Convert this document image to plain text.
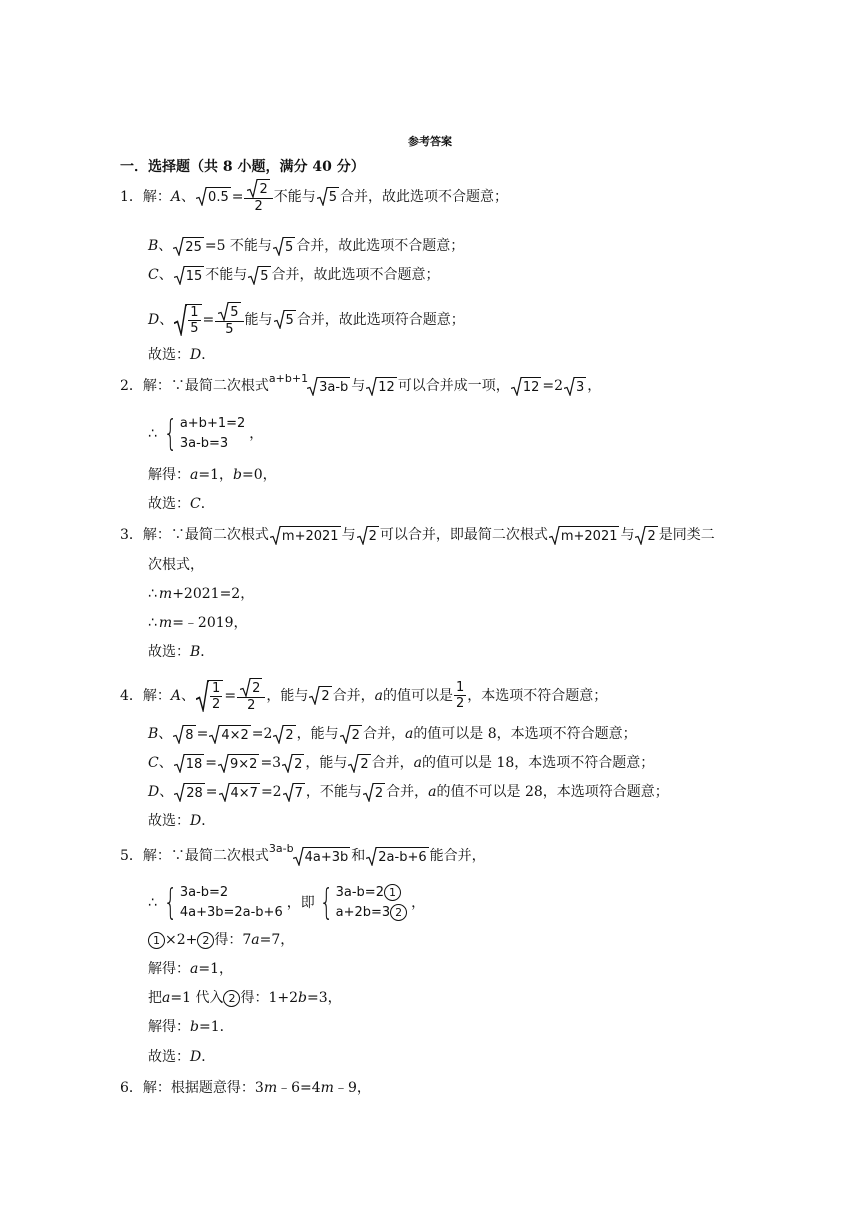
参考答案
一．选择题（共 8 小题，满分 40 分）
1． 解： A 、 $0.5 = \frac{2}{2}$ 不能与 5 合并，故此选项不合题意；
B 、 25 =5 不能与 5 合并，故此选项不合题意；
C 、 15 不能与 5 合并，故此选项不合题意；
D 、 $\frac{1}{5} = \frac{5}{5}$ 能与 5 合并，故此选项符合题意；
故选： D ．
2． 解：∵最简二次根式 a+b+1
3a-b 与 12 可以合并成一项， 12 =2 3 ，
∴ { a+b+1=2
3a-b=3
，
解得： a =1， b =0，
故选： C ．
3． 解：∵最简二次根式 m+2021 与 2 可以合并，即最简二次根式 m+2021 与 2 是同类二
次根式，
∴ m +2021=2，
∴ m =﹣2019，
故选： B ．
4． 解： A 、 $\frac{1}{2} = \frac{2}{2}$ ，能与 2 合并， a 的值可以是 $\frac{1}{2}$ ，本选项不符合题意；
B 、 8 = 4×2 =2 2 ，能与 2 合并， a 的值可以是 8，本选项不符合题意；
C 、 18 = 9×2 =3 2 ，能与 2 合并， a 的值可以是 18，本选项不符合题意；
D 、 28 = 4×7 =2 7 ，不能与 2 合并， a 的值不可以是 28，本选项符合题意；
故选： D ．
5． 解：∵最简二次根式 3a-b
4a+3b 和 2a-b+6 能合并，
∴ { 3a-b=2
4a+3b=2a-b+6
，即 { 3a-b=2 1
a+2b=3 2
，
1 ×2+ 2 得：7 a =7，
解得： a =1，
把 a =1 代入 2 得：1+2 b =3，
解得： b =1．
故选： D ．
6． 解：根据题意得：3 m ﹣6=4 m ﹣9，
